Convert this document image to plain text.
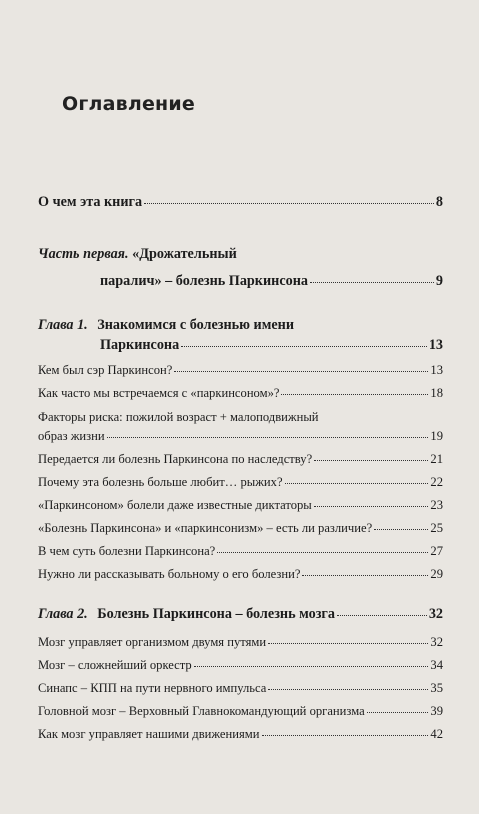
Оглавление
О чем эта книга	8
Часть первая. «Дрожательный
паралич» – болезнь Паркинсона	9
Глава 1. Знакомимся с болезнью имени
Паркинсона	13
Кем был сэр Паркинсон?	13
Как часто мы встречаемся с «паркинсоном»?	18
Факторы риска: пожилой возраст + малоподвижный
образ жизни	19
Передается ли болезнь Паркинсона по наследству?	21
Почему эта болезнь больше любит… рыжих?	22
«Паркинсоном» болели даже известные диктаторы	23
«Болезнь Паркинсона» и «паркинсонизм» – есть ли различие?	25
В чем суть болезни Паркинсона?	27
Нужно ли рассказывать больному о его болезни?	29
Глава 2. Болезнь Паркинсона – болезнь мозга	32
Мозг управляет организмом двумя путями	32
Мозг – сложнейший оркестр	34
Синапс – КПП на пути нервного импульса	35
Головной мозг – Верховный Главнокомандующий организма	39
Как мозг управляет нашими движениями	42
